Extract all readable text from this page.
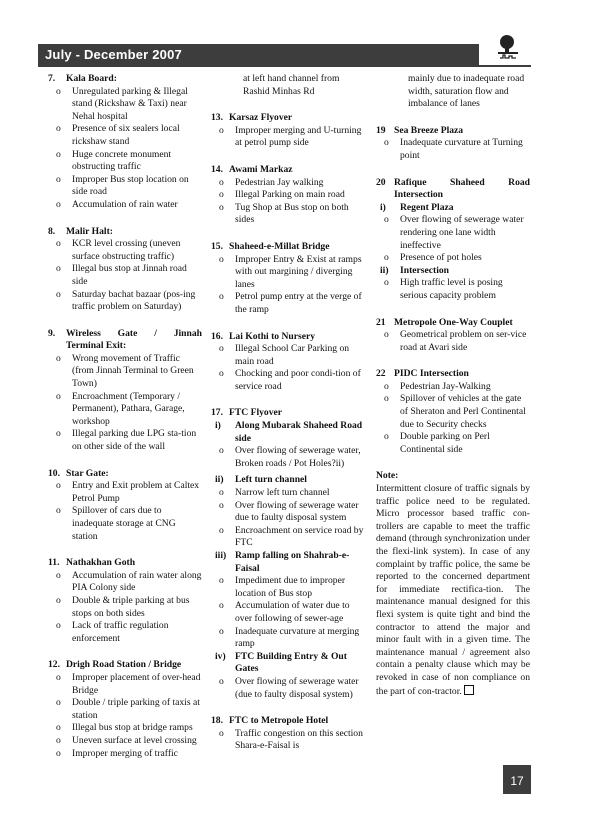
July - December 2007
7.	Kala Board:
o	Unregulated parking & Illegal stand (Rickshaw & Taxi) near Nehal hospital
o	Presence of six sealers local rickshaw stand
o	Huge concrete monument obstructing traffic
o	Improper Bus stop location on side road
o	Accumulation of rain water
8.	Malir Halt:
o	KCR level crossing (uneven surface obstructing traffic)
o	Illegal bus stop at Jinnah road side
o	Saturday bachat bazaar (pos-ing traffic problem on Saturday)
9.	Wireless Gate / Jinnah
Terminal Exit:
o	Wrong movement of Traffic (from Jinnah Terminal to Green Town)
o	Encroachment (Temporary / Permanent), Pathara, Garage, workshop
o	Illegal parking due LPG sta-tion on other side of the wall
10. Star Gate:
o	Entry and Exit problem at Caltex Petrol Pump
o	Spillover of cars due to inadequate storage at CNG station
11. Nathakhan Goth
o	Accumulation of rain water along PIA Colony side
o	Double & triple parking at bus stops on both sides
o	Lack of traffic regulation enforcement
12. Drigh Road Station / Bridge
o	Improper placement of over-head Bridge
o	Double / triple parking of taxis at station
o	Illegal bus stop at bridge ramps
o	Uneven surface at level crossing
o	Improper merging of traffic
at left hand channel from Rashid Minhas Rd
13. Karsaz Flyover
o	Improper merging and U-turning at petrol pump side
14. Awami Markaz
o	Pedestrian Jay walking
o	Illegal Parking on main road
o	Tug Shop at Bus stop on both sides
15. Shaheed-e-Millat Bridge
o	Improper Entry & Exist at ramps with out margining / diverging lanes
o	Petrol pump entry at the verge of the ramp
16. Lai Kothi to Nursery
o	Illegal School Car Parking on main road
o	Chocking and poor condi-tion of service road
17. FTC Flyover
i)	Along Mubarak Shaheed Road side
o	Over flowing of sewerage water, Broken roads / Pot Holes?ii)
ii)	Left turn channel
o	Narrow left turn channel
o	Over flowing of sewerage water due to faulty disposal system
o	Encroachment on service road by FTC
iii) Ramp falling on Shahrab-e-Faisal
o	Impediment due to improper location of Bus stop
o	Accumulation of water due to over following of sewer-age
o	Inadequate curvature at merging ramp
iv) FTC Building Entry & Out Gates
o	Over flowing of sewerage water (due to faulty disposal system)
18. FTC to Metropole Hotel
o	Traffic congestion on this section Shara-e-Faisal is
mainly due to inadequate road width, saturation flow and imbalance of lanes
19 Sea Breeze Plaza
o	Inadequate curvature at Turning point
20 Rafique Shaheed Road
Intersection
i)	Regent Plaza
o	Over flowing of sewerage water rendering one lane width ineffective
o	Presence of pot holes
ii)	Intersection
o	High traffic level is posing serious capacity problem
21 Metropole One-Way Couplet
o	Geometrical problem on ser-vice road at Avari side
22 PIDC Intersection
o	Pedestrian Jay-Walking
o	Spillover of vehicles at the gate of Sheraton and Perl Continental due to Security checks
o	Double parking on Perl Continental side
Note:
Intermittent closure of traffic signals by traffic police need to be regulated. Micro processor based traffic con-trollers are capable to meet the traffic demand (through synchronization under the flexi-link system). In case of any complaint by traffic police, the same be reported to the concerned department for immediate rectifica-tion. The maintenance manual designed for this flexi system is quite tight and bind the contractor to attend the major and minor fault with in a given time. The maintenance manual / agreement also contain a penalty clause which may be revoked in case of non compliance on the part of con-tractor.
17
